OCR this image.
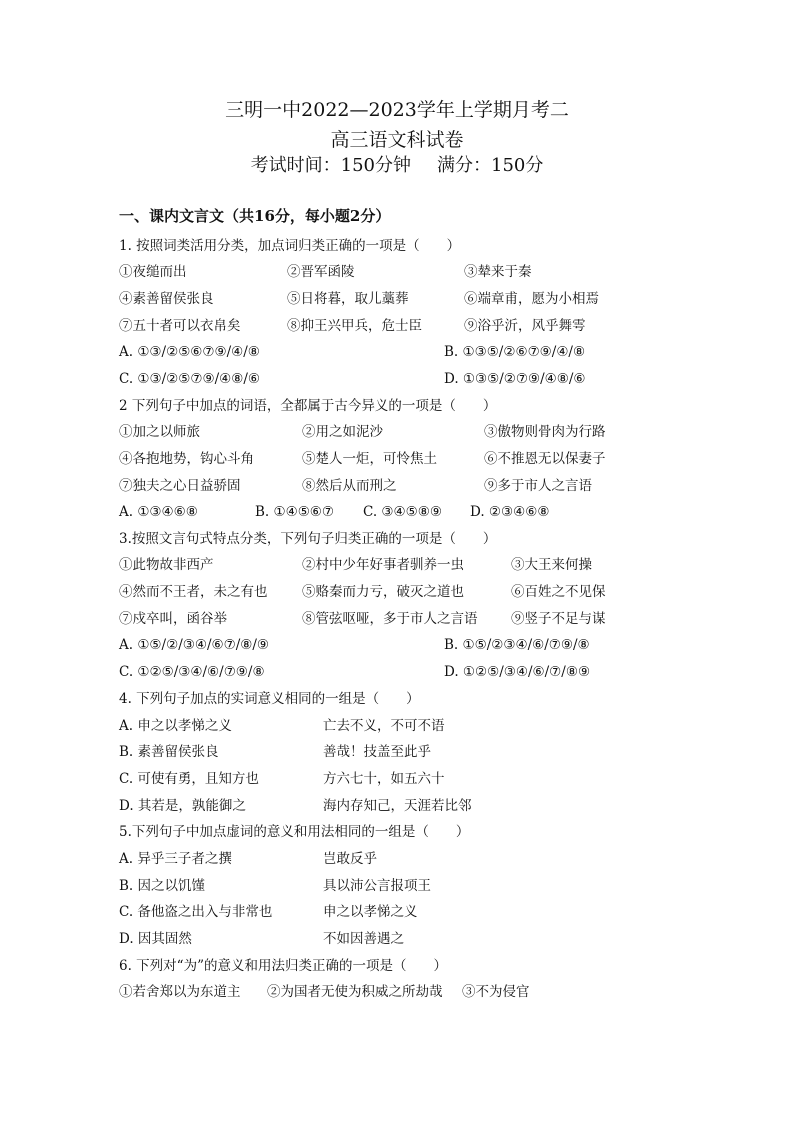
三明一中2022—2023学年上学期月考二
高三语文科试卷
考试时间：150分钟 满分：150分
一、课内文言文（共16分，每小题2分）
1. 按照词类活用分类，加点词归类正确的一项是（　　）
①夜缒而出	②晋军函陵	③辇来于秦
④素善留侯张良	⑤日将暮，取儿藁葬	⑥端章甫，愿为小相焉
⑦五十者可以衣帛矣	⑧抑王兴甲兵，危士臣	⑨浴乎沂，风乎舞雩
A. ①③/②⑤⑥⑦⑨/④/⑧	B. ①③⑤/②⑥⑦⑨/④/⑧
C. ①③/②⑤⑦⑨/④⑧/⑥	D. ①③⑤/②⑦⑨/④⑧/⑥
2 下列句子中加点的词语，全都属于古今异义的一项是（　　）
①加之以师旅	②用之如泥沙	③傲物则骨肉为行路
④各抱地势，钩心斗角	⑤楚人一炬，可怜焦土	⑥不推恩无以保妻子
⑦独夫之心日益骄固	⑧然后从而刑之	⑨多于市人之言语
A. ①③④⑥⑧	B. ①④⑤⑥⑦ C. ③④⑤⑧⑨ D. ②③④⑥⑧
3.按照文言句式特点分类，下列句子归类正确的一项是（　　）
①此物故非西产	②村中少年好事者驯养一虫	③大王来何操
④然而不王者，未之有也	⑤赂秦而力亏，破灭之道也	⑥百姓之不见保
⑦戍卒叫，函谷举	⑧管弦呕哑，多于市人之言语 ⑨竖子不足与谋
A. ①⑤/②/③④/⑥⑦/⑧/⑨	B. ①⑤/②③④/⑥/⑦⑨/⑧
C. ①②⑤/③④/⑥/⑦⑨/⑧	D. ①②⑤/③④/⑥/⑦/⑧⑨
4. 下列句子加点的实词意义相同的一组是（　　）
A. 申之以孝悌之义	亡去不义，不可不语
B. 素善留侯张良	善哉！技盖至此乎
C. 可使有勇，且知方也	方六七十，如五六十
D. 其若是，孰能御之	海内存知己，天涯若比邻
5.下列句子中加点虚词的意义和用法相同的一组是（　　）
A. 异乎三子者之撰	岂敢反乎
B. 因之以饥馑	具以沛公言报项王
C. 备他盗之出入与非常也	申之以孝悌之义
D. 因其固然	不如因善遇之
6. 下列对“为”的意义和用法归类正确的一项是（　　）
①若舍郑以为东道主 ②为国者无使为积威之所劫哉 ③不为侵官
